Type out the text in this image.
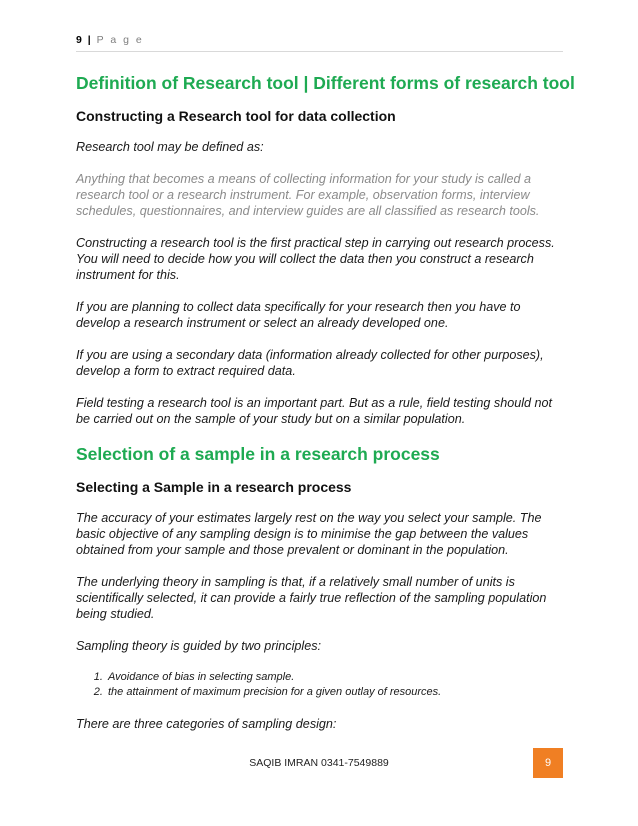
9 | P a g e
Definition of Research tool | Different forms of research tool
Constructing a Research tool for data collection

Research tool may be defined as:

Anything that becomes a means of collecting information for your study is called a research tool or a research instrument. For example, observation forms, interview schedules, questionnaires, and interview guides are all classified as research tools.

Constructing a research tool is the first practical step in carrying out research process. You will need to decide how you will collect the data then you construct a research instrument for this.

If you are planning to collect data specifically for your research then you have to develop a research instrument or select an already developed one.

If you are using a secondary data (information already collected for other purposes), develop a form to extract required data.

Field testing a research tool is an important part. But as a rule, field testing should not be carried out on the sample of your study but on a similar population.

Selection of a sample in a research process
Selecting a Sample in a research process

The accuracy of your estimates largely rest on the way you select your sample. The basic objective of any sampling design is to minimise the gap between the values obtained from your sample and those prevalent or dominant in the population.

The underlying theory in sampling is that, if a relatively small number of units is scientifically selected, it can provide a fairly true reflection of the sampling population being studied.

Sampling theory is guided by two principles:

1. Avoidance of bias in selecting sample.
2. the attainment of maximum precision for a given outlay of resources.

There are three categories of sampling design:

SAQIB IMRAN 0341-7549889	9
